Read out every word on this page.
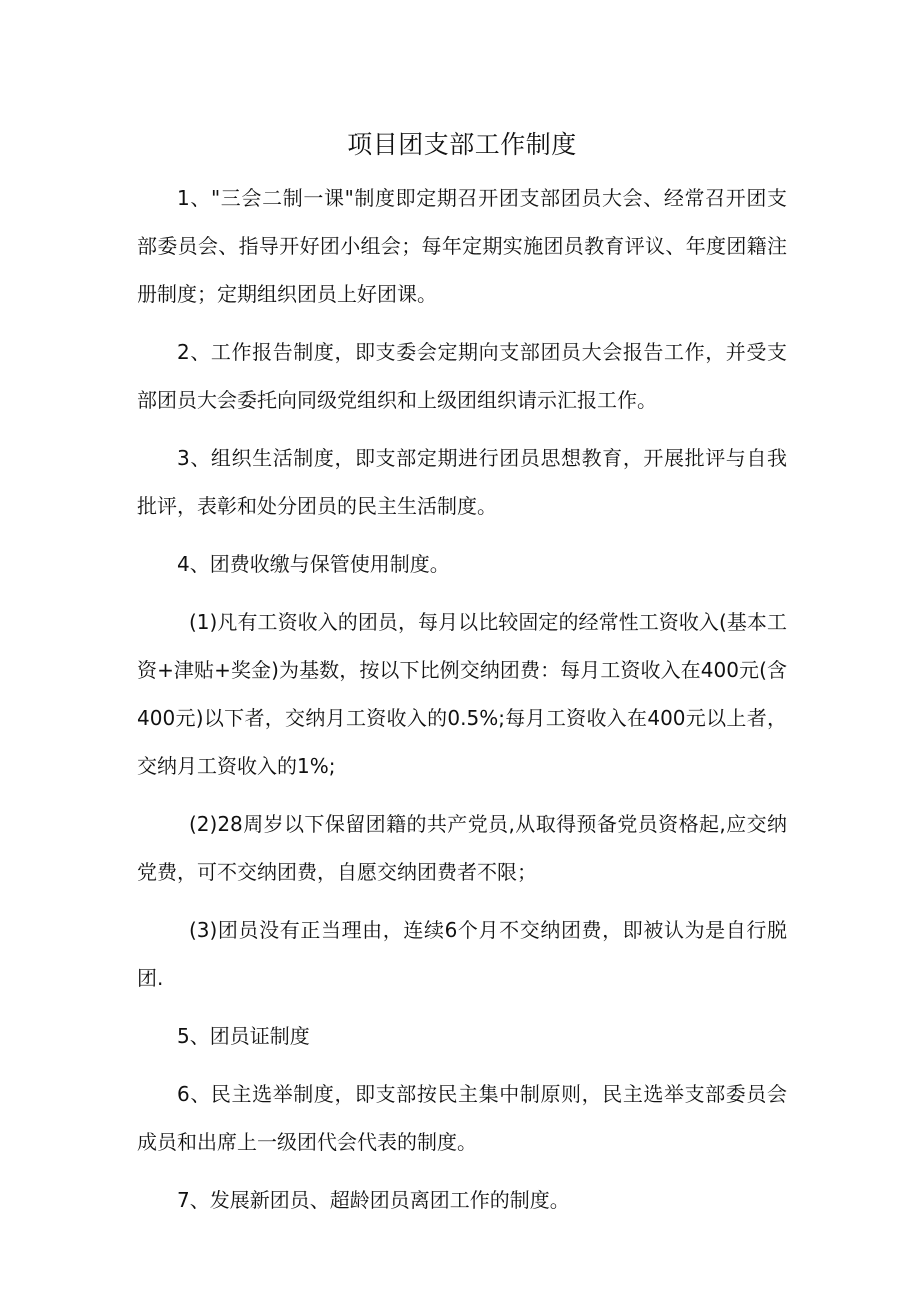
项目团支部工作制度

1、"三会二制一课"制度即定期召开团支部团员大会、经常召开团支部委员会、指导开好团小组会；每年定期实施团员教育评议、年度团籍注册制度；定期组织团员上好团课。

2、工作报告制度，即支委会定期向支部团员大会报告工作，并受支部团员大会委托向同级党组织和上级团组织请示汇报工作。

3、组织生活制度，即支部定期进行团员思想教育，开展批评与自我批评，表彰和处分团员的民主生活制度。

4、团费收缴与保管使用制度。

(1)凡有工资收入的团员，每月以比较固定的经常性工资收入(基本工资+津贴+奖金)为基数，按以下比例交纳团费：每月工资收入在400元(含400元)以下者，交纳月工资收入的0.5%;每月工资收入在400元以上者，交纳月工资收入的1%;

(2)28周岁以下保留团籍的共产党员,从取得预备党员资格起,应交纳党费，可不交纳团费，自愿交纳团费者不限；

(3)团员没有正当理由，连续6个月不交纳团费，即被认为是自行脱团.

5、团员证制度

6、民主选举制度，即支部按民主集中制原则，民主选举支部委员会成员和出席上一级团代会代表的制度。

7、发展新团员、超龄团员离团工作的制度。
